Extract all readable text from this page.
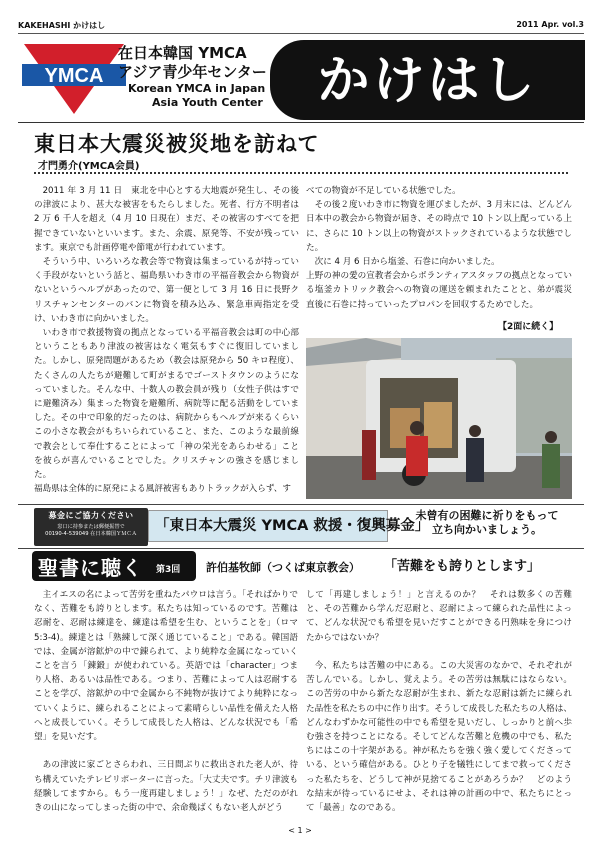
KAKEHASHI かけはし	2011 Apr. vol.3
YMCA
在日本韓国 YMCA
アジア青少年センター
Korean YMCA in Japan
Asia Youth Center	かけはし
東日本大震災被災地を訪ねて
才門勇介(YMCA会員)

2011 年 3 月 11 日　東北を中心とする大地震が発生し、その後の津波により、甚大な被害をもたらしました。死者、行方不明者は 2 万 6 千人を超え（4 月 10 日現在）まだ、その被害のすべてを把握できていないといいます。また、余震、原発等、不安が残っています。東京でも計画停電や節電が行われています。

そういう中、いろいろな教会等で物資は集まっているが持っていく手段がないという話と、福島県いわき市の平福音教会から物資がないというヘルプがあったので、第一便として 3 月 16 日に長野クリスチャンセンターのバンに物資を積み込み、緊急車両指定を受け、いわき市に向かいました。

いわき市で救援物資の拠点となっている平福音教会は町の中心部ということもあり津波の被害はなく電気もすぐに復旧していました。しかし、原発問題があるため（教会は原発から 50 キロ程度）、たくさんの人たちが避難して町がまるでゴーストタウンのようになっていました。そんな中、十数人の教会員が残り（女性子供はすでに避難済み）集まった物資を避難所、病院等に配る活動をしていました。その中で印象的だったのは、病院からもヘルプが来るくらいこの小さな教会がもちいられていること、また、このような最前線で教会として奉仕することによって「神の栄光をあらわせる」ことを彼らが喜んでいることでした。クリスチャンの強さを感じました。

福島県は全体的に原発による風評被害もありトラックが入らず、す

べての物資が不足している状態でした。

その後２度いわき市に物資を運びましたが、3 月末には、どんどん日本中の教会から物資が届き、その時点で 10 トン以上配っている上に、さらに 10 トン以上の物資がストックされているような状態でした。

次に 4 月 6 日から塩釜、石巻に向かいました。

上野の神の愛の宣教者会からボランティアスタッフの拠点となっている塩釜カトリック教会への物資の運送を頼まれたことと、弟が震災直後に石巻に持っていったプロパンを回収するためでした。

【2面に続く】
募金にご協力ください
窓口に持参または郵便振替で
00190-4-539049 在日本韓国ＹＭＣＡ	「東日本大震災 YMCA 救援・復興募金」
未曾有の困難に祈りをもって
立ち向かいましょう。
聖書に聴く 第3回 許伯基牧師（つくば東京教会） 「苦難をも誇りとします」

主イエスの名によって苦労を重ねたパウロは言う。「そればかりでなく、苦難をも誇りとします。私たちは知っているのです。苦難は忍耐を、忍耐は練達を、練達は希望を生む、ということを」（ロマ5:3-4)。練達とは「熟練して深く通じていること」である。韓国語では、金属が溶鉱炉の中で錬られて、より純粋な金属になっていくことを言う「鍊鍛」が使われている。英語では「character」つまり人格、あるいは品性である。つまり、苦難によって人は忍耐することを学び、溶鉱炉の中で金属から不純物が抜けてより純粋になっていくように、練られることによって素晴らしい品性を備えた人格へと成長していく。そうして成長した人格は、どんな状況でも「希望」を見いだす。

あの津波に家ごとさらわれ、三日間ぶりに救出された老人が、待ち構えていたテレビリポーターに言った。「大丈夫です。チリ津波も経験してますから。もう一度再建しましょう！」なぜ、ただのがれきの山になってしまった街の中で、余命幾ばくもない老人がどう

して「再建しましょう！」と言えるのか？　それは数多くの苦難と、その苦難から学んだ忍耐と、忍耐によって練られた品性によって、どんな状況でも希望を見いだすことができる円熟味を身につけたからではないか？

今、私たちは苦難の中にある。この大災害のなかで、それぞれが苦しんでいる。しかし、覚えよう。その苦労は無駄にはならない。この苦労の中から新たな忍耐が生まれ、新たな忍耐は新たに練られた品性を私たちの中に作り出す。そうして成長した私たちの人格は、どんなわずかな可能性の中でも希望を見いだし、しっかりと前へ歩む強さを持つことになる。そしてどんな苦難と危機の中でも、私たちにはこの十字架がある。神が私たちを強く強く愛してくださっている、という確信がある。ひとり子を犠牲にしてまで救ってくださった私たちを、どうして神が見捨てることがあろうか？　どのような結末が待っているにせよ、それは神の計画の中で、私たちにとって「最善」なのである。

< 1 >
